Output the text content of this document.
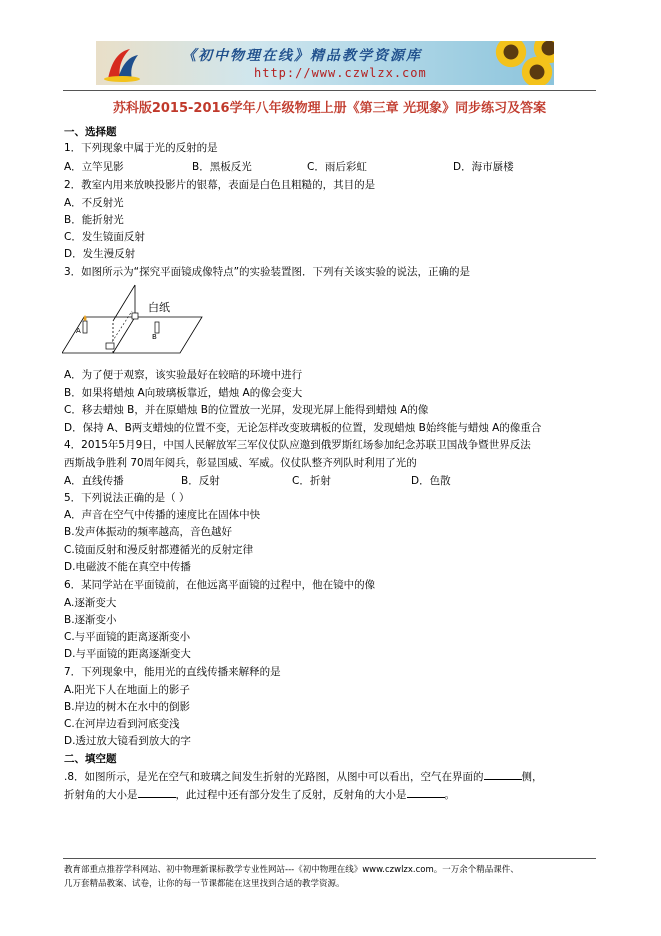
《初中物理在线》精品教学资源库
http://www.czwlzx.com
苏科版2015-2016学年八年级物理上册《第三章 光现象》同步练习及答案
一、选择题
1．下列现象中属于光的反射的是
A．立竿见影	B．黑板反光	C．雨后彩虹	D．海市蜃楼
2．教室内用来放映投影片的银幕，表面是白色且粗糙的，其目的是
A．不反射光
B．能折射光
C．发生镜面反射
D．发生漫反射
3．如图所示为“探究平面镜成像特点”的实验装置图．下列有关该实验的说法，正确的是
A
B
白纸
A．为了便于观察，该实验最好在较暗的环境中进行
B．如果将蜡烛 A向玻璃板靠近，蜡烛 A的像会变大
C．移去蜡烛 B，并在原蜡烛 B的位置放一光屏，发现光屏上能得到蜡烛 A的像
D．保持 A、B两支蜡烛的位置不变，无论怎样改变玻璃板的位置，发现蜡烛 B始终能与蜡烛 A的像重合
4．2015年5月9日，中国人民解放军三军仪仗队应邀到俄罗斯红场参加纪念苏联卫国战争暨世界反法
西斯战争胜利 70周年阅兵，彰显国威、军威。仪仗队整齐列队时利用了光的
A．直线传播	B．反射	C．折射	D．色散
5．下列说法正确的是（ ）
A．声音在空气中传播的速度比在固体中快
B.发声体振动的频率越高，音色越好
C.镜面反射和漫反射都遵循光的反射定律
D.电磁波不能在真空中传播
6．某同学站在平面镜前，在他远离平面镜的过程中，他在镜中的像
A.逐渐变大
B.逐渐变小
C.与平面镜的距离逐渐变小
D.与平面镜的距离逐渐变大
7．下列现象中，能用光的直线传播来解释的是
A.阳光下人在地面上的影子
B.岸边的树木在水中的倒影
C.在河岸边看到河底变浅
D.透过放大镜看到放大的字
二、填空题
.8．如图所示，是光在空气和玻璃之间发生折射的光路图，从图中可以看出，空气在界面的	侧，
折射角的大小是	，此过程中还有部分发生了反射，反射角的大小是	。
教育部重点推荐学科网站、初中物理新课标教学专业性网站---《初中物理在线》www.czwlzx.com。一万余个精品课件、
几万套精品教案、试卷，让你的每一节课都能在这里找到合适的教学资源。
